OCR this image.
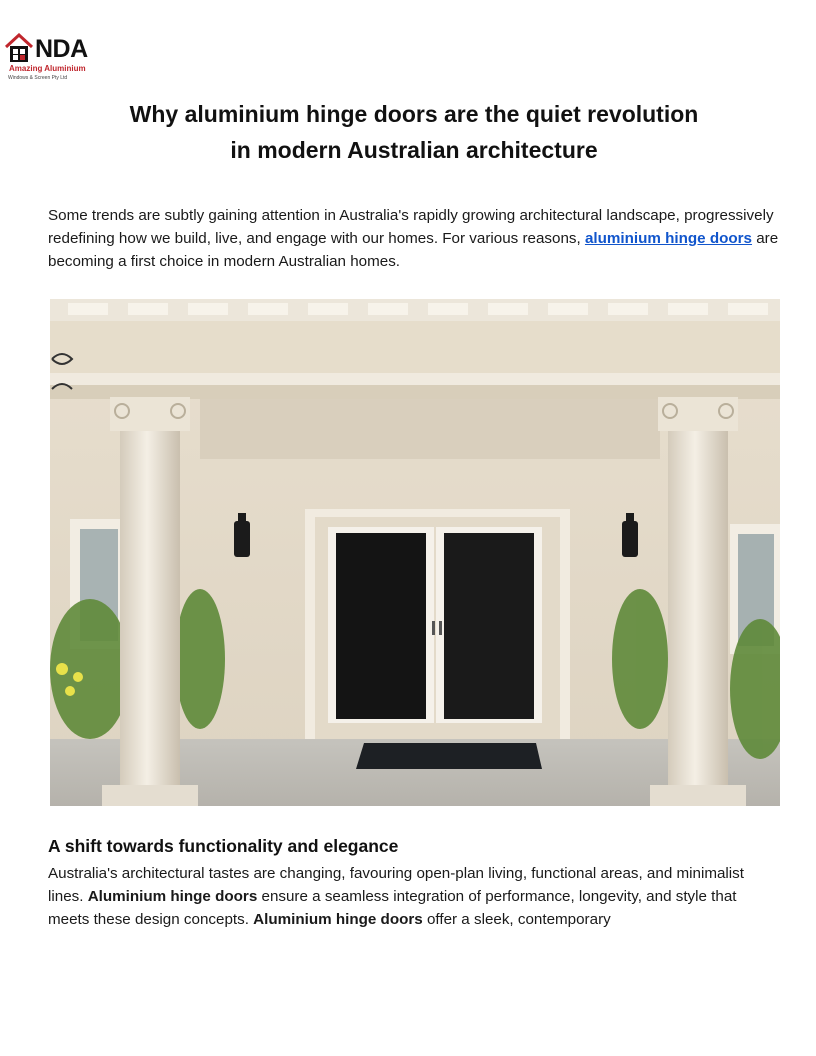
NDA
Amazing Aluminium
Windows & Screen Pty Ltd
Why aluminium hinge doors are the quiet revolution
in modern Australian architecture

Some trends are subtly gaining attention in Australia's rapidly growing architectural landscape, progressively redefining how we build, live, and engage with our homes. For various reasons, aluminium hinge doors are becoming a first choice in modern Australian homes.

A shift towards functionality and elegance

Australia's architectural tastes are changing, favouring open-plan living, functional areas, and minimalist lines. Aluminium hinge doors ensure a seamless integration of performance, longevity, and style that meets these design concepts. Aluminium hinge doors offer a sleek, contemporary
